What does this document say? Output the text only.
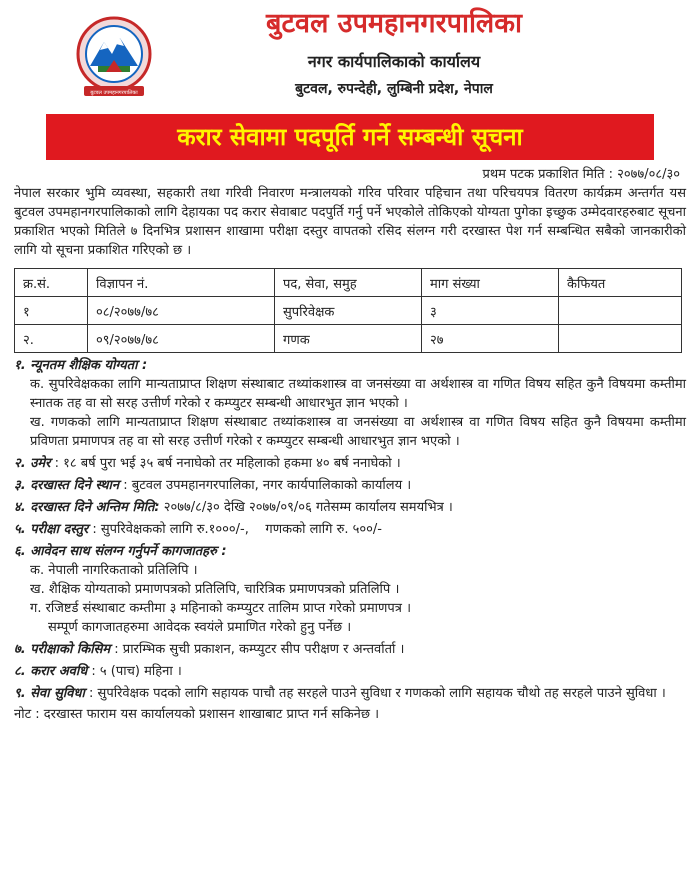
बुटवल उपमहानगरपालिका
बुटवल उपमहानगरपालिका
नगर कार्यपालिकाको कार्यालय
बुटवल, रुपन्देही, लुम्बिनी प्रदेश, नेपाल
करार सेवामा पदपूर्ति गर्ने सम्बन्धी सूचना
प्रथम पटक प्रकाशित मिति : २०७७/०८/३०
नेपाल सरकार भुमि व्यवस्था, सहकारी तथा गरिवी निवारण मन्त्रालयको गरिव परिवार पहिचान तथा परिचयपत्र वितरण कार्यक्रम अन्तर्गत यस बुटवल उपमहानगरपालिकाको लागि देहायका पद करार सेवाबाट पदपुर्ति गर्नु पर्ने भएकोले तोकिएको योग्यता पुगेका इच्छुक उम्मेदवारहरुबाट सूचना प्रकाशित भएको मितिले ७ दिनभित्र प्रशासन शाखामा परीक्षा दस्तुर वापतको रसिद संलग्न गरी दरखास्त पेश गर्न सम्बन्धित सबैको जानकारीको लागि यो सूचना प्रकाशित गरिएको छ ।
क्र.सं.	विज्ञापन नं.	पद, सेवा, समुह	माग संख्या	कैफियत
१	०८/२०७७/७८	सुपरिवेक्षक	३	
२.	०९/२०७७/७८	गणक	२७	
१. न्यूनतम शैक्षिक योग्यता :
क. सुपरिवेक्षकका लागि मान्यताप्राप्त शिक्षण संस्थाबाट तथ्यांकशास्त्र वा जनसंख्या वा अर्थशास्त्र वा गणित विषय सहित कुनै विषयमा कम्तीमा स्नातक तह वा सो सरह उत्तीर्ण गरेको र कम्प्युटर सम्बन्धी आधारभुत ज्ञान भएको ।
ख. गणकको लागि मान्यताप्राप्त शिक्षण संस्थाबाट तथ्यांकशास्त्र वा जनसंख्या वा अर्थशास्त्र वा गणित विषय सहित कुनै विषयमा कम्तीमा प्रविणता प्रमाणपत्र तह वा सो सरह उत्तीर्ण गरेको र कम्प्युटर सम्बन्धी आधारभुत ज्ञान भएको ।
२. उमेर : १८ बर्ष पुरा भई ३५ बर्ष ननाघेको तर महिलाको हकमा ४० बर्ष ननाघेको ।
३. दरखास्त दिने स्थान : बुटवल उपमहानगरपालिका, नगर कार्यपालिकाको कार्यालय ।
४. दरखास्त दिने अन्तिम मिति: २०७७/८/३० देखि २०७७/०९/०६ गतेसम्म कार्यालय समयभित्र ।
५. परीक्षा दस्तुर : सुपरिवेक्षकको लागि रु.१०००/-,    गणकको लागि रु. ५००/-
६. आवेदन साथ संलग्न गर्नुपर्ने कागजातहरु :
क. नेपाली नागरिकताको प्रतिलिपि ।
ख. शैक्षिक योग्यताको प्रमाणपत्रको प्रतिलिपि, चारित्रिक प्रमाणपत्रको प्रतिलिपि ।
ग. रजिष्टर्ड संस्थाबाट कम्तीमा ३ महिनाको कम्प्युटर तालिम प्राप्त गरेको प्रमाणपत्र ।
सम्पूर्ण कागजातहरुमा आवेदक स्वयंले प्रमाणित गरेको हुनु पर्नेछ ।
७. परीक्षाको किसिम : प्रारम्भिक सुची प्रकाशन, कम्प्युटर सीप परीक्षण र अन्तर्वार्ता ।
८. करार अवधि : ५ (पाच) महिना ।
९. सेवा सुविधा : सुपरिवेक्षक पदको लागि सहायक पाचौ तह सरहले पाउने सुविधा र गणकको लागि सहायक चौथो तह सरहले पाउने सुविधा ।
नोट : दरखास्त फाराम यस कार्यालयको प्रशासन शाखाबाट प्राप्त गर्न सकिनेछ ।
